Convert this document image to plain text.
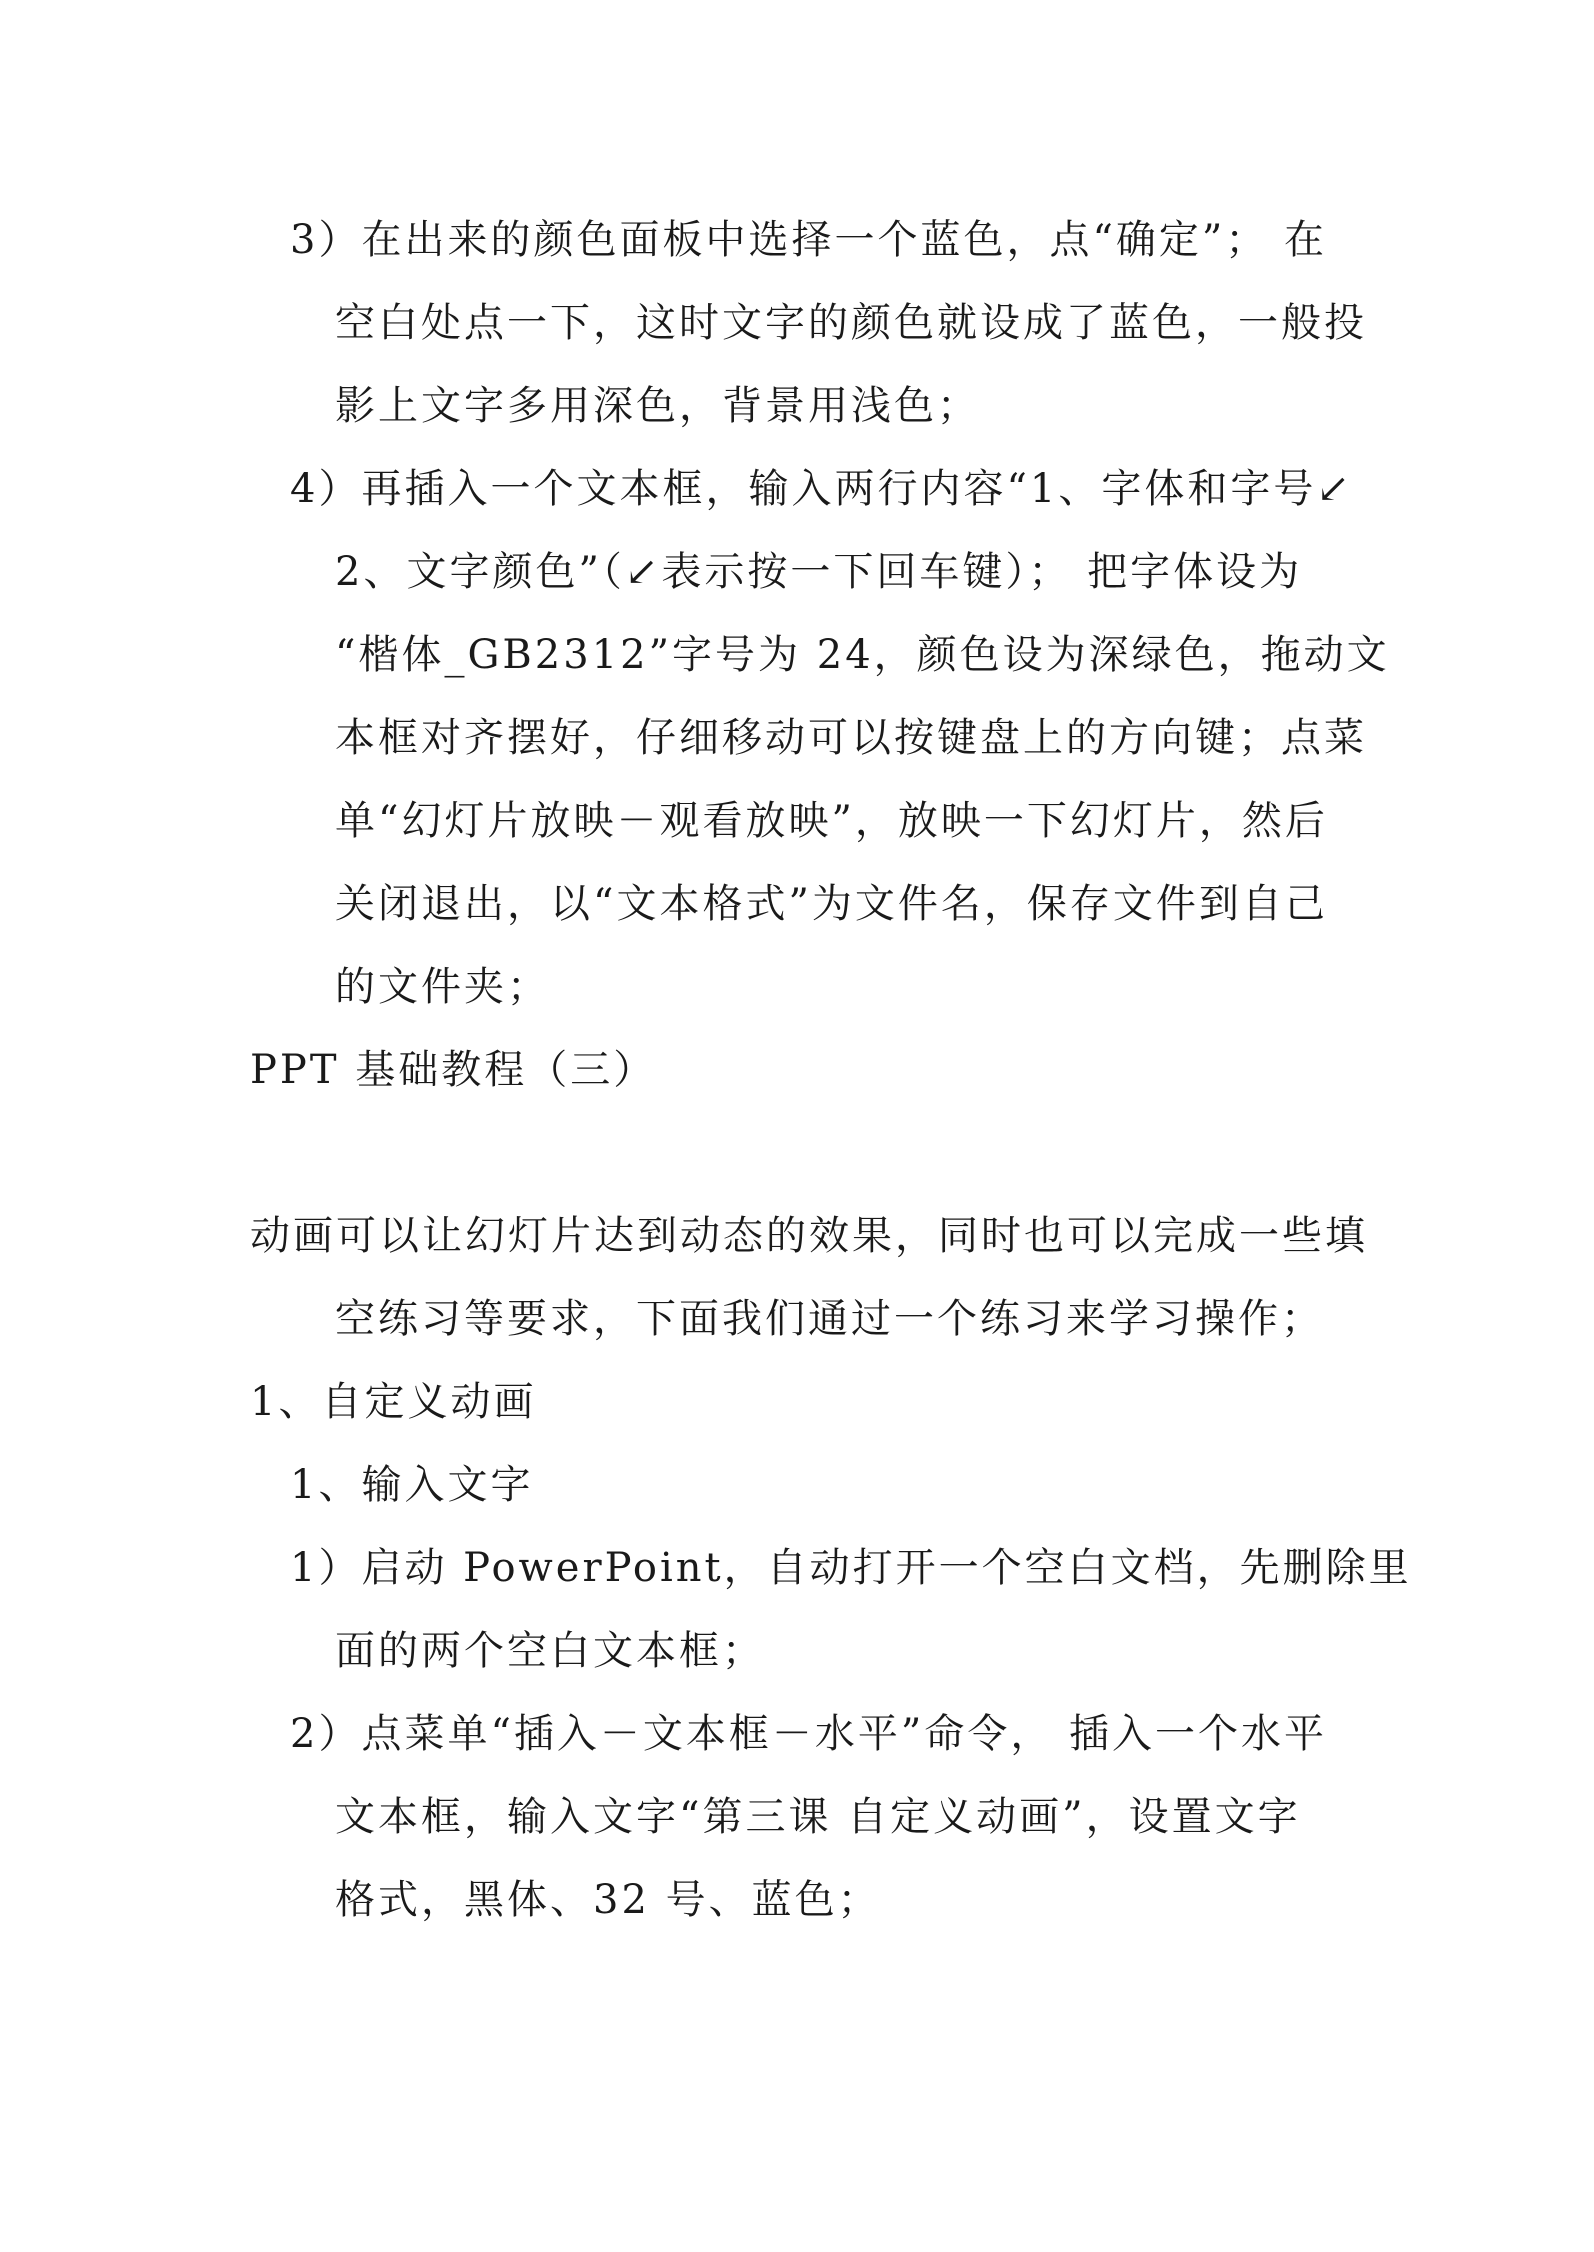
3）在出来的颜色面板中选择一个蓝色，点“确定”； 在
空白处点一下，这时文字的颜色就设成了蓝色，一般投
影上文字多用深色，背景用浅色；
4）再插入一个文本框，输入两行内容“1、字体和字号↙
2、文字颜色”（↙表示按一下回车键）； 把字体设为
“楷体_GB2312”字号为 24，颜色设为深绿色，拖动文
本框对齐摆好，仔细移动可以按键盘上的方向键；点菜
单“幻灯片放映－观看放映”，放映一下幻灯片，然后
关闭退出，以“文本格式”为文件名，保存文件到自己
的文件夹；
PPT 基础教程（三）
动画可以让幻灯片达到动态的效果，同时也可以完成一些填
空练习等要求，下面我们通过一个练习来学习操作；
1、自定义动画
1、输入文字
1）启动 PowerPoint，自动打开一个空白文档，先删除里
面的两个空白文本框；
2）点菜单“插入－文本框－水平”命令， 插入一个水平
文本框，输入文字“第三课 自定义动画”，设置文字
格式，黑体、32 号、蓝色；
